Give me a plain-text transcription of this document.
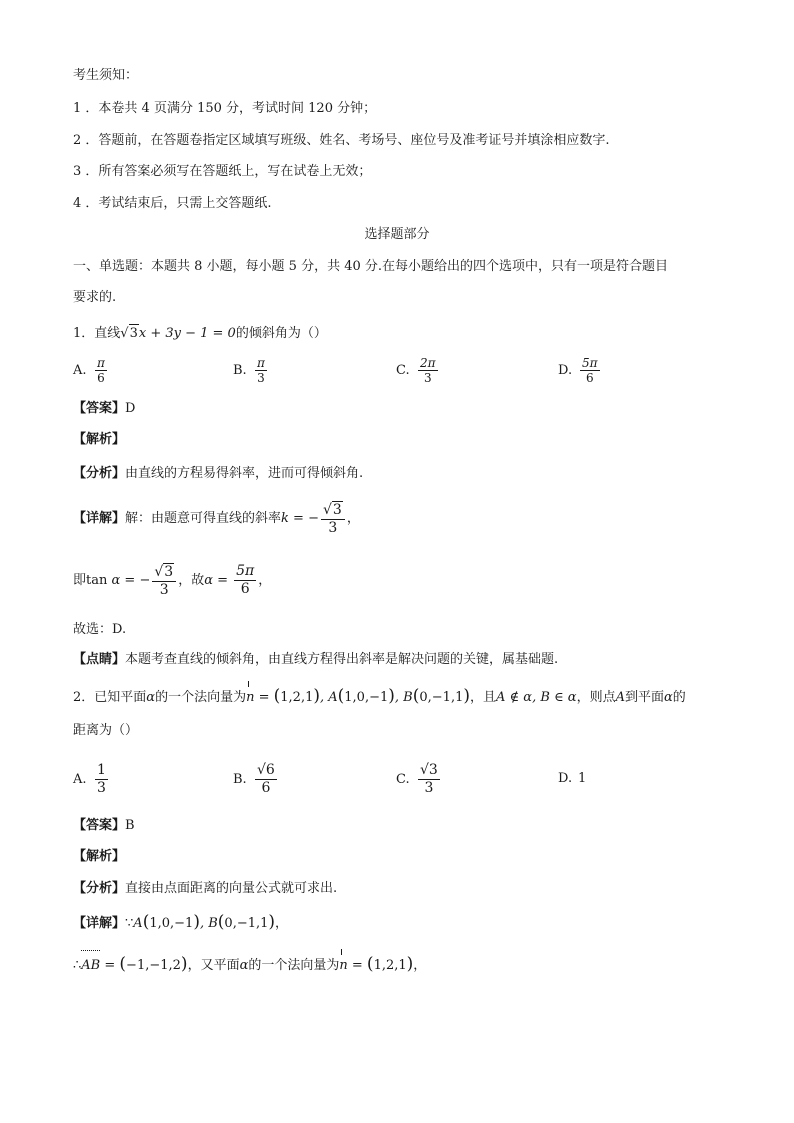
考生须知：
1 ．本卷共 4 页满分 150 分，考试时间 120 分钟；
2 ．答题前，在答题卷指定区域填写班级、姓名、考场号、座位号及准考证号并填涂相应数字.
3 ．所有答案必须写在答题纸上，写在试卷上无效；
4 ．考试结束后，只需上交答题纸.
选择题部分
一、单选题：本题共 8 小题，每小题 5 分，共 40 分.在每小题给出的四个选项中，只有一项是符合题目
要求的.
1．直线√3x + 3y − 1 = 0的倾斜角为（）
A. $\frac{\pi}{6}$	B. $\frac{\pi}{3}$	C. $\frac{2\pi}{3}$	D. $\frac{5\pi}{6}$
【答案】D
【解析】
【分析】由直线的方程易得斜率，进而可得倾斜角.
【详解】解：由题意可得直线的斜率k = − $\frac{√3}{3}$ ，
即tan α = − $\frac{√3}{3}$ ，故$\alpha = \frac{5\pi}{6}$ ，
故选：D.
【点睛】本题考查直线的倾斜角，由直线方程得出斜率是解决问题的关键，属基础题.
2．已知平面α的一个法向量为n = (1,2,1), A(1,0,−1), B(0,−1,1)，且A ∉ α, B ∈ α，则点A到平面α的
距离为（）
A. $\frac{1}{3}$	B. $\frac{√6}{6}$	C. $\frac{√3}{3}$	D. 1
【答案】B
【解析】
【分析】直接由点面距离的向量公式就可求出.
【详解】∵A(1,0,−1), B(0,−1,1)，
∴AB = (−1,−1,2)，又平面α的一个法向量为n = (1,2,1)，
